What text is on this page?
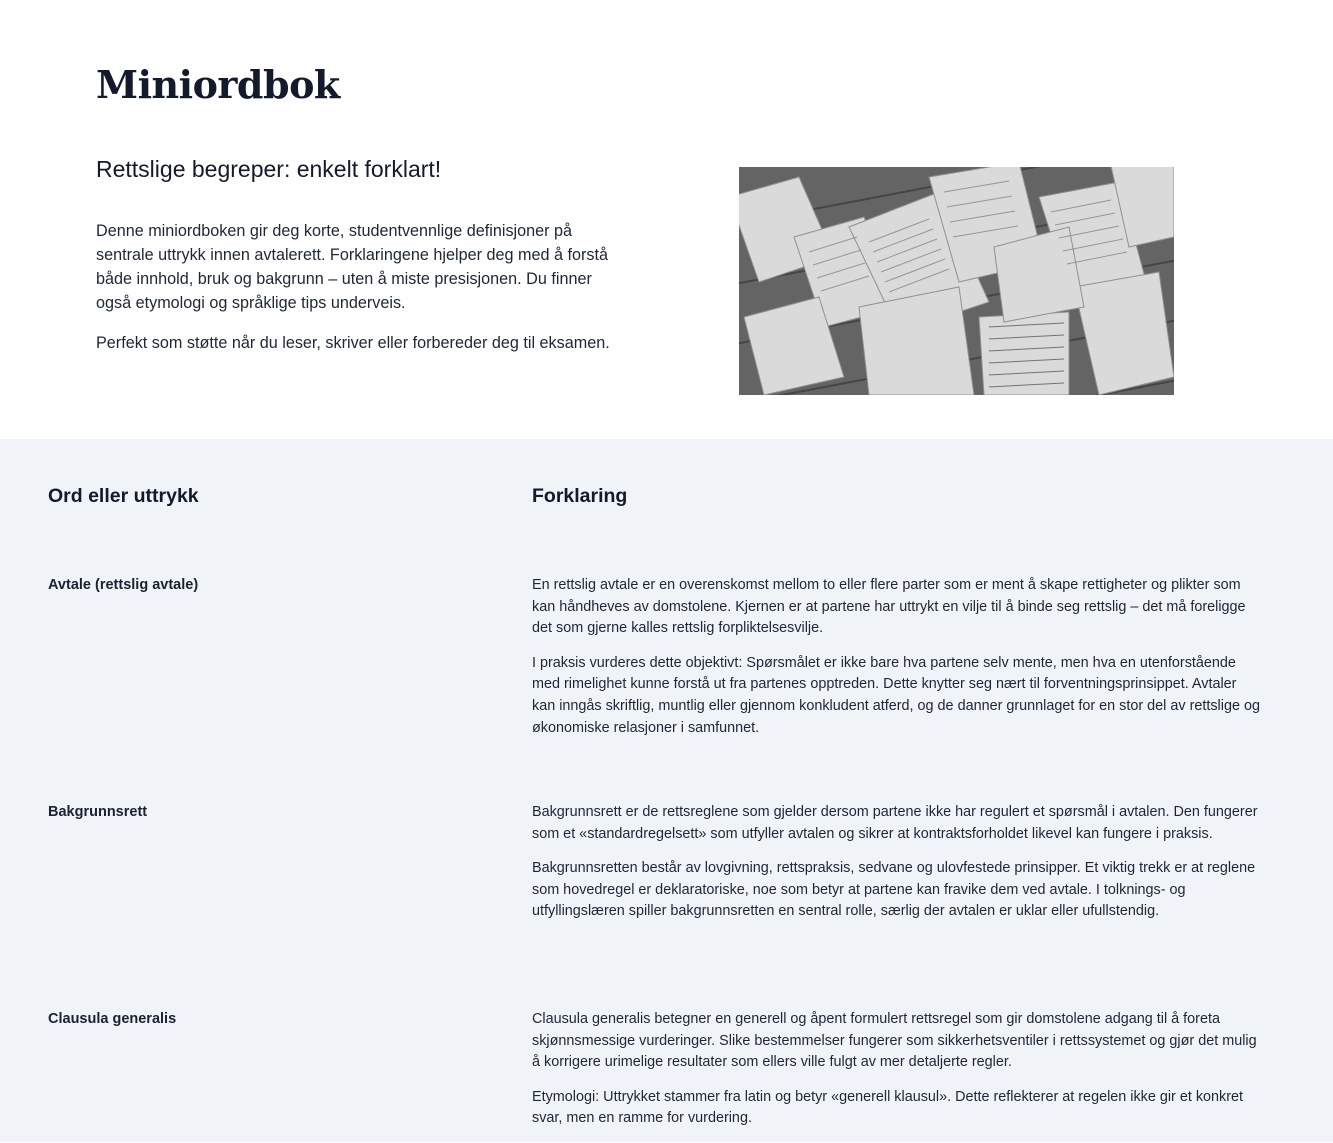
Miniordbok
Rettslige begreper: enkelt forklart!

Denne miniordboken gir deg korte, studentvennlige definisjoner på sentrale uttrykk innen avtalerett. Forklaringene hjelper deg med å forstå både innhold, bruk og bakgrunn – uten å miste presisjonen. Du finner også etymologi og språklige tips underveis.

Perfekt som støtte når du leser, skriver eller forbereder deg til eksamen.

Ord eller uttrykk	Forklaring
Avtale (rettslig avtale)	En rettslig avtale er en overenskomst mellom to eller flere parter som er ment å skape rettigheter og plikter som kan håndheves av domstolene. Kjernen er at partene har uttrykt en vilje til å binde seg rettslig – det må foreligge det som gjerne kalles rettslig forpliktelsesvilje.

I praksis vurderes dette objektivt: Spørsmålet er ikke bare hva partene selv mente, men hva en utenforstående med rimelighet kunne forstå ut fra partenes opptreden. Dette knytter seg nært til forventningsprinsippet. Avtaler kan inngås skriftlig, muntlig eller gjennom konkludent atferd, og de danner grunnlaget for en stor del av rettslige og økonomiske relasjoner i samfunnet.

Bakgrunnsrett	Bakgrunnsrett er de rettsreglene som gjelder dersom partene ikke har regulert et spørsmål i avtalen. Den fungerer som et «standardregelsett» som utfyller avtalen og sikrer at kontraktsforholdet likevel kan fungere i praksis.

Bakgrunnsretten består av lovgivning, rettspraksis, sedvane og ulovfestede prinsipper. Et viktig trekk er at reglene som hovedregel er deklaratoriske, noe som betyr at partene kan fravike dem ved avtale. I tolknings- og utfyllingslæren spiller bakgrunnsretten en sentral rolle, særlig der avtalen er uklar eller ufullstendig.

Clausula generalis	Clausula generalis betegner en generell og åpent formulert rettsregel som gir domstolene adgang til å foreta skjønnsmessige vurderinger. Slike bestemmelser fungerer som sikkerhetsventiler i rettssystemet og gjør det mulig å korrigere urimelige resultater som ellers ville fulgt av mer detaljerte regler.

Etymologi: Uttrykket stammer fra latin og betyr «generell klausul». Dette reflekterer at regelen ikke gir et konkret svar, men en ramme for vurdering.
